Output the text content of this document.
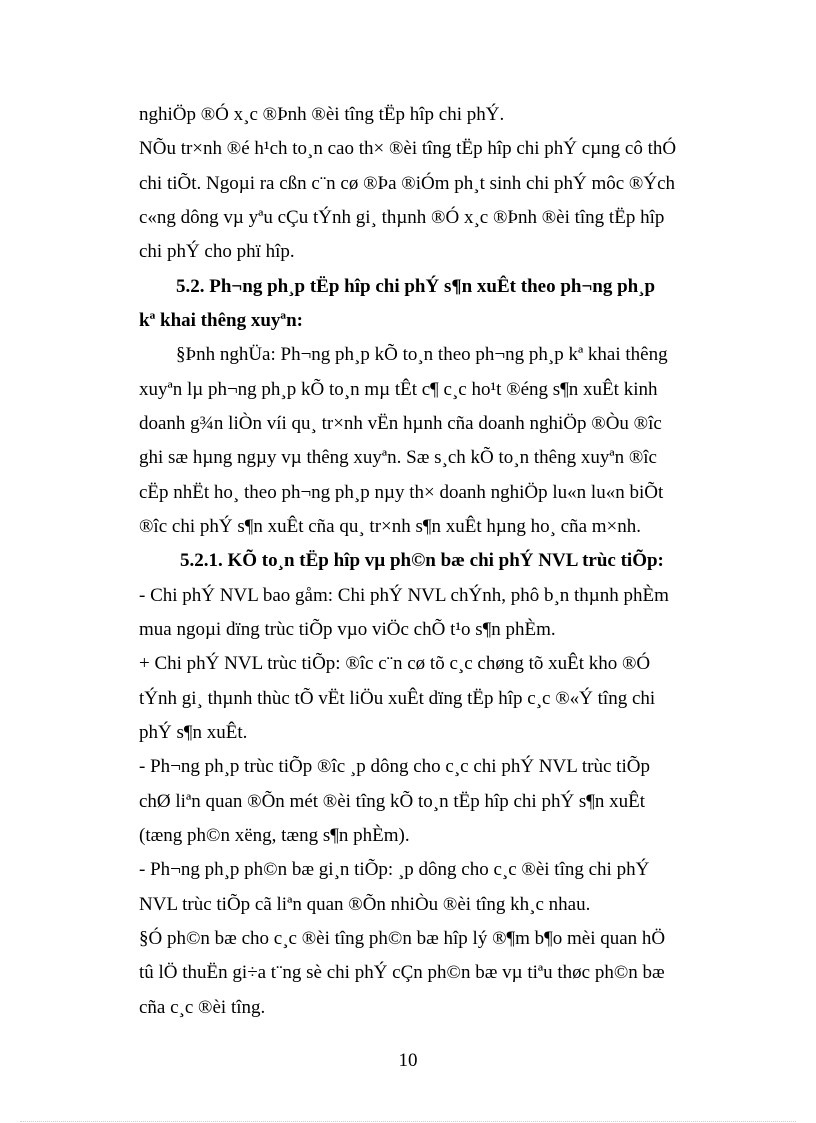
nghiÖp ®Ó x¸c ®Þnh ®èi tîng tËp hîp chi phÝ.
NÕu tr×nh ®é h¹ch to¸n cao th× ®èi tîng tËp hîp chi phÝ cµng cô thÓ
chi tiÕt. Ngoµi ra cßn c¨n cø ®Þa ®iÓm ph¸t sinh chi phÝ môc ®Ých
c«ng dông vµ yªu cÇu tÝnh gi¸ thµnh ®Ó x¸c ®Þnh ®èi tîng tËp hîp
chi phÝ cho phï hîp.
5.2. Ph¬ng ph¸p tËp hîp chi phÝ s¶n xuÊt theo ph¬ng ph¸p
kª khai thêng xuyªn:
§Þnh nghÜa: Ph¬ng ph¸p kÕ to¸n theo ph¬ng ph¸p kª khai thêng
xuyªn lµ ph¬ng ph¸p kÕ to¸n mµ tÊt c¶ c¸c ho¹t ®éng s¶n xuÊt kinh
doanh g¾n liÒn víi qu¸ tr×nh vËn hµnh cña doanh nghiÖp ®Òu ®îc
ghi sæ hµng ngµy vµ thêng xuyªn. Sæ s¸ch kÕ to¸n thêng xuyªn ®îc
cËp nhËt ho¸ theo ph¬ng ph¸p nµy th× doanh nghiÖp lu«n lu«n biÕt
®îc chi phÝ s¶n xuÊt cña qu¸ tr×nh s¶n xuÊt hµng ho¸ cña m×nh.
5.2.1. KÕ to¸n tËp hîp vµ ph©n bæ chi phÝ NVL trùc tiÕp:
- Chi phÝ NVL bao gåm: Chi phÝ NVL chÝnh, phô b¸n thµnh phÈm
mua ngoµi dïng trùc tiÕp vµo viÖc chÕ t¹o s¶n phÈm.
+ Chi phÝ NVL trùc tiÕp: ®îc c¨n cø tõ c¸c chøng tõ xuÊt kho ®Ó
tÝnh gi¸ thµnh thùc tÕ vËt liÖu xuÊt dïng tËp hîp c¸c ®«Ý tîng chi
phÝ s¶n xuÊt.
- Ph¬ng ph¸p trùc tiÕp ®îc ¸p dông cho c¸c chi phÝ NVL trùc tiÕp
chØ liªn quan ®Õn mét ®èi tîng kÕ to¸n tËp hîp chi phÝ s¶n xuÊt
(tæng ph©n xëng, tæng s¶n phÈm).
- Ph¬ng ph¸p ph©n bæ gi¸n tiÕp: ¸p dông cho c¸c ®èi tîng chi phÝ
NVL trùc tiÕp cã liªn quan ®Õn nhiÒu ®èi tîng kh¸c nhau.
§Ó ph©n bæ cho c¸c ®èi tîng ph©n bæ hîp lý ®¶m b¶o mèi quan hÖ
tû lÖ thuËn gi÷a t¨ng sè chi phÝ cÇn ph©n bæ vµ tiªu thøc ph©n bæ
cña c¸c ®èi tîng.
10
